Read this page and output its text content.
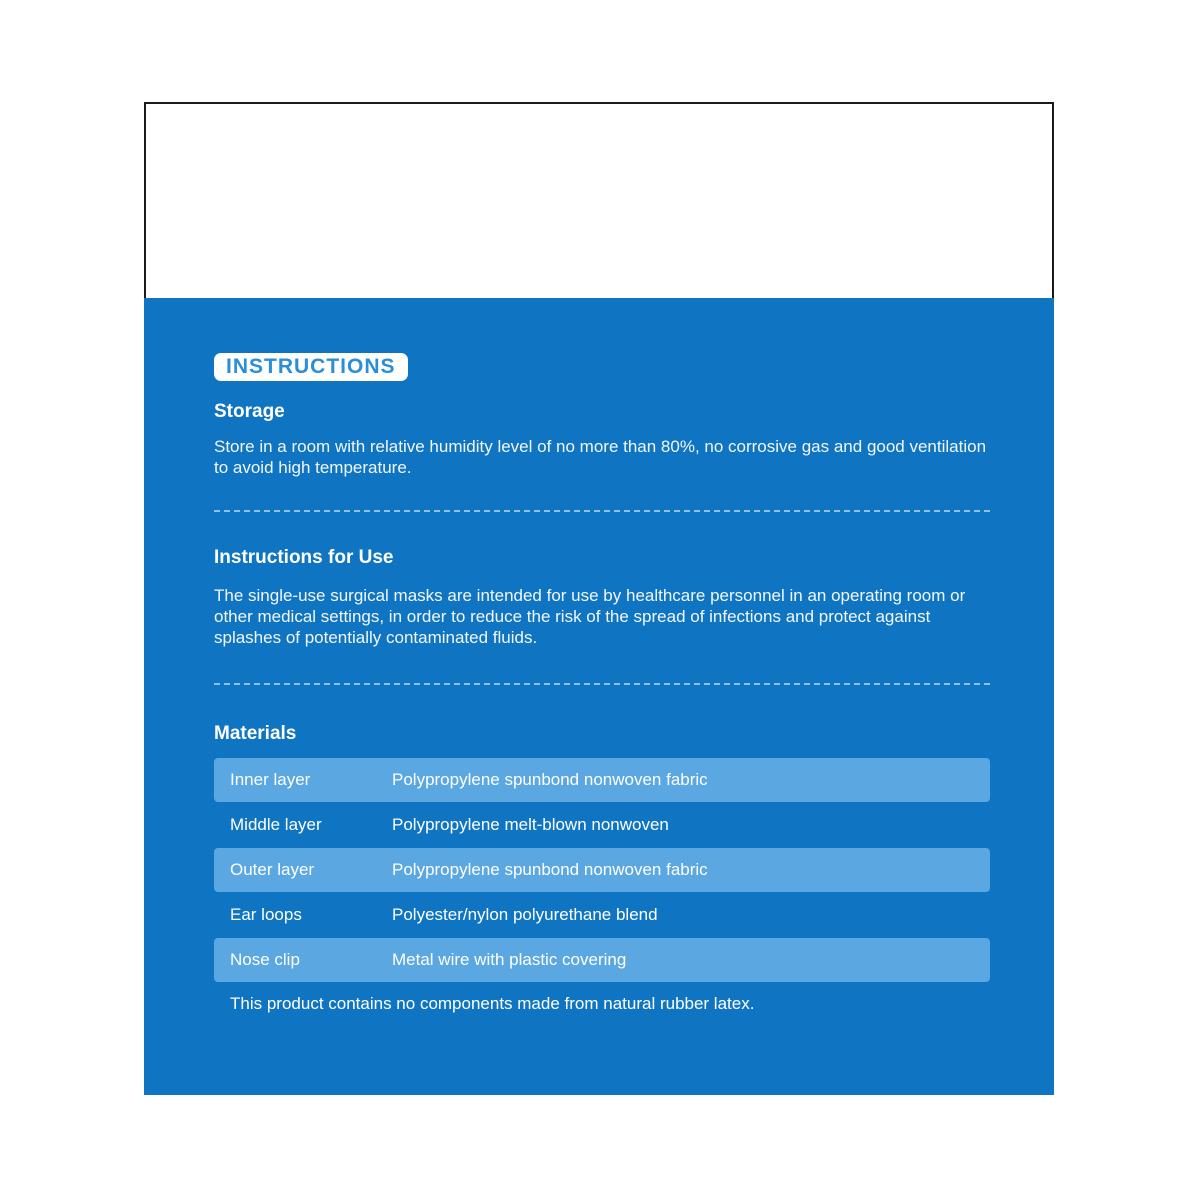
INSTRUCTIONS
Storage
Store in a room with relative humidity level of no more than 80%, no corrosive gas and good ventilation to avoid high temperature.
Instructions for Use
The single-use surgical masks are intended for use by healthcare personnel in an operating room or other medical settings, in order to reduce the risk of the spread of infections and protect against splashes of potentially contaminated fluids.
Materials
Inner layer	Polypropylene spunbond nonwoven fabric
Middle layer	Polypropylene melt-blown nonwoven
Outer layer	Polypropylene spunbond nonwoven fabric
Ear loops	Polyester/nylon polyurethane blend
Nose clip	Metal wire with plastic covering
This product contains no components made from natural rubber latex.
